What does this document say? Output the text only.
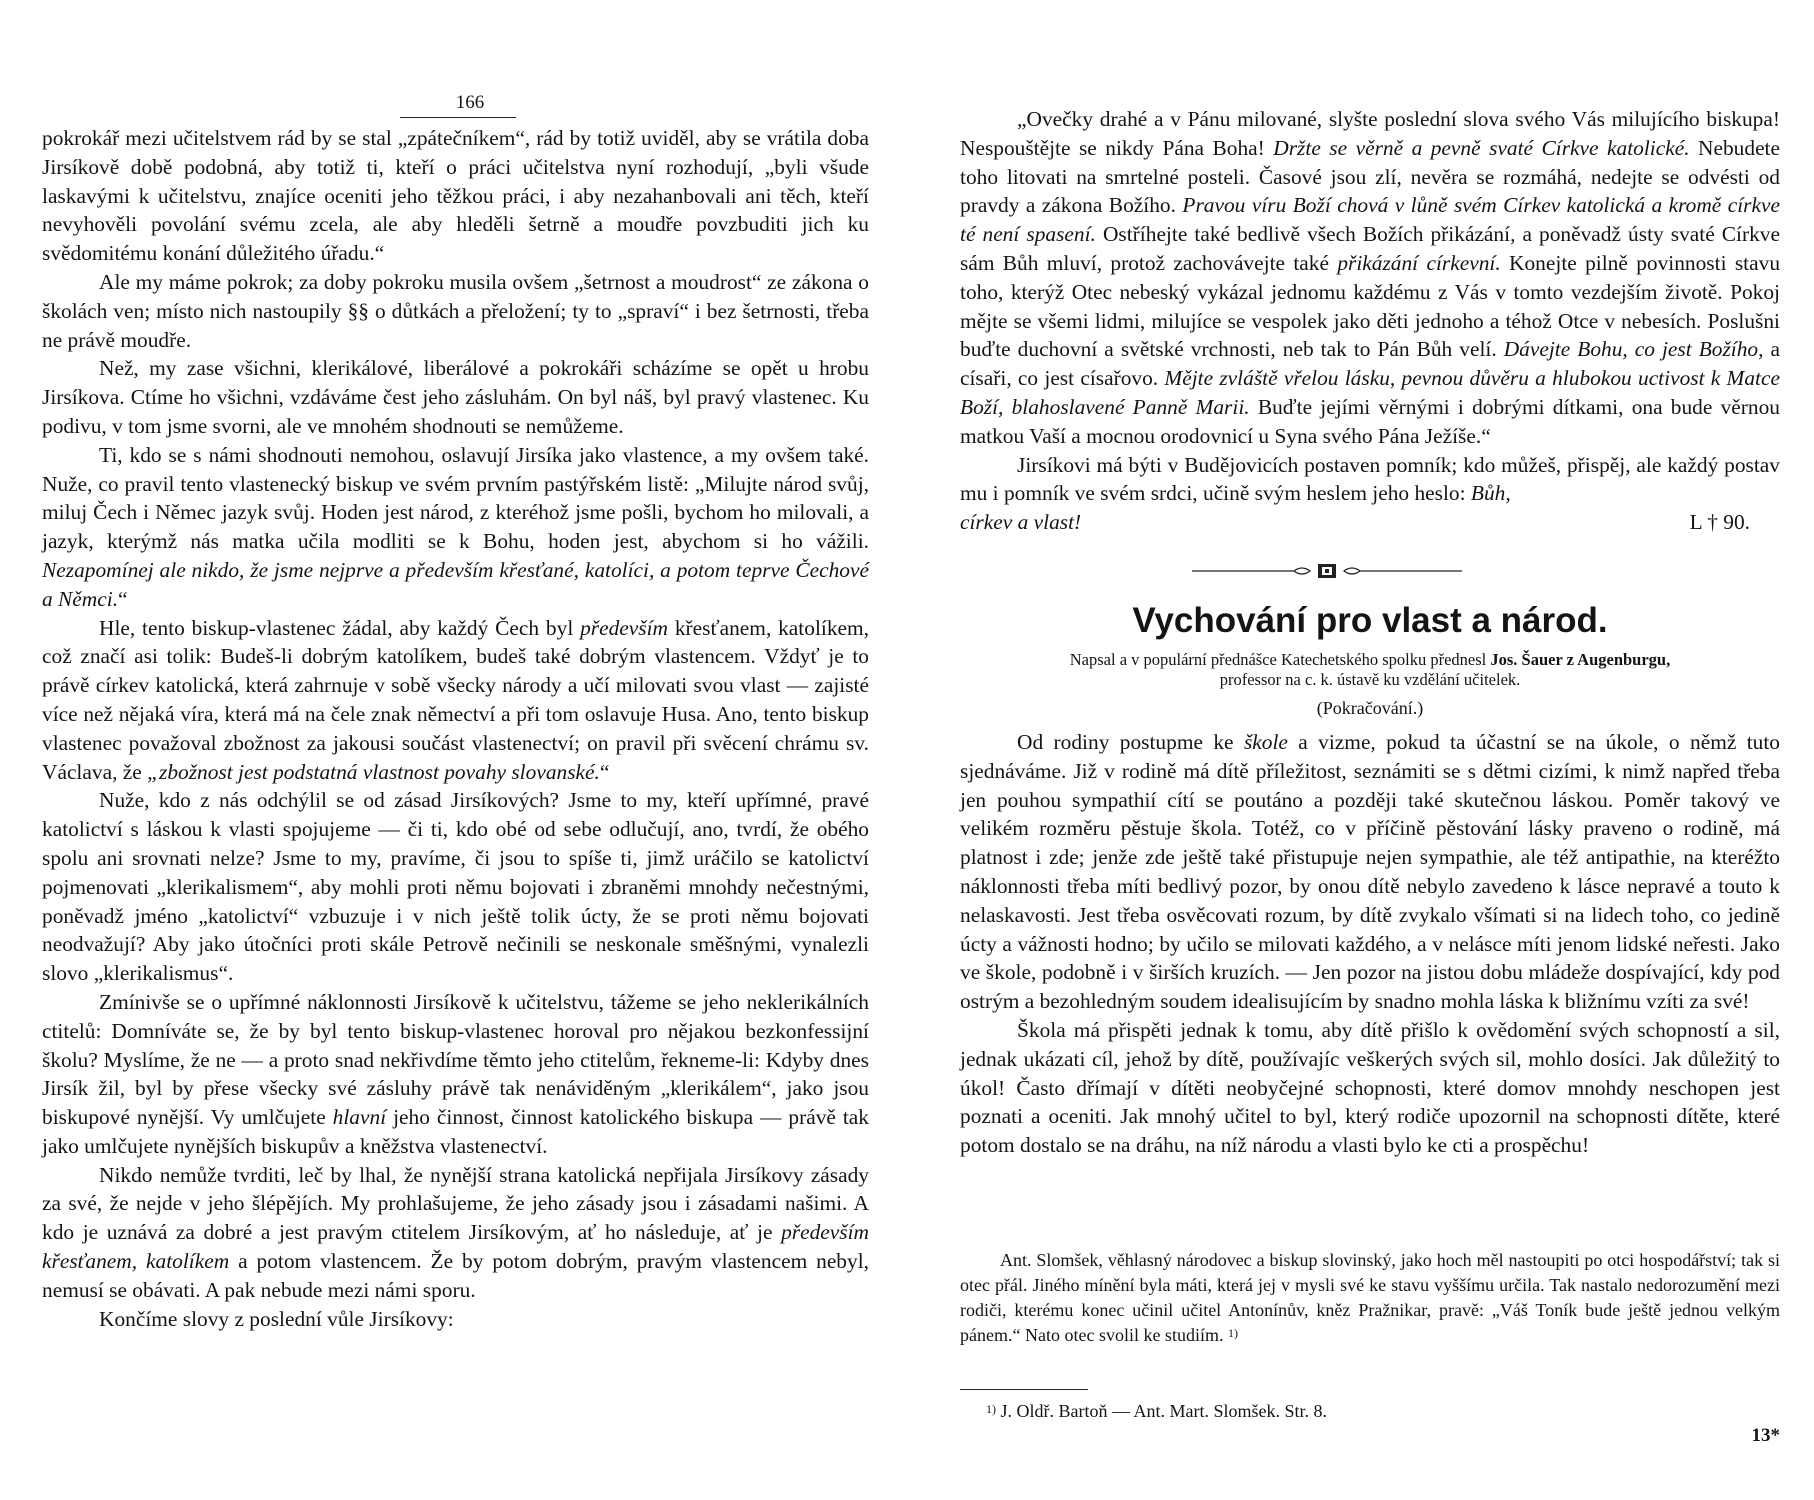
166

pokrokář mezi učitelstvem rád by se stal „zpátečníkem“, rád by totiž uviděl, aby se vrátila doba Jirsíkově době podobná, aby totiž ti, kteří o práci učitelstva nyní rozhodují, „byli všude laskavými k učitelstvu, znajíce oceniti jeho těžkou práci, i aby nezahanbovali ani těch, kteří nevyhověli povolání svému zcela, ale aby hleděli šetrně a moudře povzbuditi jich ku svědomitému konání důležitého úřadu.“

Ale my máme pokrok; za doby pokroku musila ovšem „šetrnost a moudrost“ ze zákona o školách ven; místo nich nastoupily §§ o důtkách a přeložení; ty to „spraví“ i bez šetrnosti, třeba ne právě moudře.

Než, my zase všichni, klerikálové, liberálové a pokrokáři scházíme se opět u hrobu Jirsíkova. Ctíme ho všichni, vzdáváme čest jeho zásluhám. On byl náš, byl pravý vlastenec. Ku podivu, v tom jsme svorni, ale ve mnohém shodnouti se nemůžeme.

Ti, kdo se s námi shodnouti nemohou, oslavují Jirsíka jako vlastence, a my ovšem také. Nuže, co pravil tento vlastenecký biskup ve svém prvním pastýřském listě: „Milujte národ svůj, miluj Čech i Němec jazyk svůj. Hoden jest národ, z kteréhož jsme pošli, bychom ho milovali, a jazyk, kterýmž nás matka učila modliti se k Bohu, hoden jest, abychom si ho vážili. Nezapomínej ale nikdo, že jsme nejprve a především křesťané, katolíci, a potom teprve Čechové a Němci.“

Hle, tento biskup-vlastenec žádal, aby každý Čech byl především křesťanem, katolíkem, což značí asi tolik: Budeš-li dobrým katolíkem, budeš také dobrým vlastencem. Vždyť je to právě církev katolická, která zahrnuje v sobě všecky národy a učí milovati svou vlast — zajisté více než nějaká víra, která má na čele znak němectví a při tom oslavuje Husa. Ano, tento biskup vlastenec považoval zbožnost za jakousi součást vlastenectví; on pravil při svěcení chrámu sv. Václava, že „zbožnost jest podstatná vlastnost povahy slovanské.“

Nuže, kdo z nás odchýlil se od zásad Jirsíkových? Jsme to my, kteří upřímné, pravé katolictví s láskou k vlasti spojujeme — či ti, kdo obé od sebe odlučují, ano, tvrdí, že obého spolu ani srovnati nelze? Jsme to my, pravíme, či jsou to spíše ti, jimž uráčilo se katolictví pojmenovati „klerikalismem“, aby mohli proti němu bojovati i zbraněmi mnohdy nečestnými, poněvadž jméno „katolictví“ vzbuzuje i v nich ještě tolik úcty, že se proti němu bojovati neodvažují? Aby jako útočníci proti skále Petrově nečinili se neskonale směšnými, vynalezli slovo „klerikalismus“.

Zmínivše se o upřímné náklonnosti Jirsíkově k učitelstvu, tážeme se jeho neklerikálních ctitelů: Domníváte se, že by byl tento biskup-vlastenec horoval pro nějakou bezkonfessijní školu? Myslíme, že ne — a proto snad nekřivdíme těmto jeho ctitelům, řekneme-li: Kdyby dnes Jirsík žil, byl by přese všecky své zásluhy právě tak nenáviděným „klerikálem“, jako jsou biskupové nynější. Vy umlčujete hlavní jeho činnost, činnost katolického biskupa — právě tak jako umlčujete nynějších biskupův a kněžstva vlastenectví.

Nikdo nemůže tvrditi, leč by lhal, že nynější strana katolická nepřijala Jirsíkovy zásady za své, že nejde v jeho šlépějích. My prohlašujeme, že jeho zásady jsou i zásadami našimi. A kdo je uznává za dobré a jest pravým ctitelem Jirsíkovým, ať ho následuje, ať je především křesťanem, katolíkem a potom vlastencem. Že by potom dobrým, pravým vlastencem nebyl, nemusí se obávati. A pak nebude mezi námi sporu.

Končíme slovy z poslední vůle Jirsíkovy:

„Ovečky drahé a v Pánu milované, slyšte poslední slova svého Vás milujícího biskupa! Nespouštějte se nikdy Pána Boha! Držte se věrně a pevně svaté Církve katolické. Nebudete toho litovati na smrtelné posteli. Časové jsou zlí, nevěra se rozmáhá, nedejte se odvésti od pravdy a zákona Božího. Pravou víru Boží chová v lůně svém Církev katolická a kromě církve té není spasení. Ostříhejte také bedlivě všech Božích přikázání, a poněvadž ústy svaté Církve sám Bůh mluví, protož zachovávejte také přikázání církevní. Konejte pilně povinnosti stavu toho, kterýž Otec nebeský vykázal jednomu každému z Vás v tomto vezdejším životě. Pokoj mějte se všemi lidmi, milujíce se vespolek jako děti jednoho a téhož Otce v nebesích. Poslušni buďte duchovní a světské vrchnosti, neb tak to Pán Bůh velí. Dávejte Bohu, co jest Božího, a císaři, co jest císařovo. Mějte zvláště vřelou lásku, pevnou důvěru a hlubokou uctivost k Matce Boží, blahoslavené Panně Marii. Buďte jejími věrnými i dobrými dítkami, ona bude věrnou matkou Vaší a mocnou orodovnicí u Syna svého Pána Ježíše.“

Jirsíkovi má býti v Budějovicích postaven pomník; kdo můžeš, přispěj, ale každý postav mu i pomník ve svém srdci, učině svým heslem jeho heslo: Bůh,

církev a vlast!	L † 90.
Vychování pro vlast a národ.
Napsal a v populární přednášce Katechetského spolku přednesl Jos. Šauer z Augenburgu,
professor na c. k. ústavě ku vzdělání učitelek.
(Pokračování.)

Od rodiny postupme ke škole a vizme, pokud ta účastní se na úkole, o němž tuto sjednáváme. Již v rodině má dítě příležitost, seznámiti se s dětmi cizími, k nimž napřed třeba jen pouhou sympathií cítí se poutáno a později také skutečnou láskou. Poměr takový ve velikém rozměru pěstuje škola. Totéž, co v příčině pěstování lásky praveno o rodině, má platnost i zde; jenže zde ještě také přistupuje nejen sympathie, ale též antipathie, na kteréžto náklonnosti třeba míti bedlivý pozor, by onou dítě nebylo zavedeno k lásce nepravé a touto k nelaskavosti. Jest třeba osvěcovati rozum, by dítě zvykalo všímati si na lidech toho, co jedině úcty a vážnosti hodno; by učilo se milovati každého, a v nelásce míti jenom lidské neřesti. Jako ve škole, podobně i v širších kruzích. — Jen pozor na jistou dobu mládeže dospívající, kdy pod ostrým a bezohledným soudem idealisujícím by snadno mohla láska k bližnímu vzíti za své!

Škola má přispěti jednak k tomu, aby dítě přišlo k ovědomění svých schopností a sil, jednak ukázati cíl, jehož by dítě, používajíc veškerých svých sil, mohlo dosíci. Jak důležitý to úkol! Často dřímají v dítěti neobyčejné schopnosti, které domov mnohdy neschopen jest poznati a oceniti. Jak mnohý učitel to byl, který rodiče upozornil na schopnosti dítěte, které potom dostalo se na dráhu, na níž národu a vlasti bylo ke cti a prospěchu!

Ant. Slomšek, věhlasný národovec a biskup slovinský, jako hoch měl nastoupiti po otci hospodářství; tak si otec přál. Jiného mínění byla máti, která jej v mysli své ke stavu vyššímu určila. Tak nastalo nedorozumění mezi rodiči, kterému konec učinil učitel Antonínův, kněz Pražnikar, pravě: „Váš Toník bude ještě jednou velkým pánem.“ Nato otec svolil ke studiím. $^{1)}$

$^{1)}$ J. Oldř. Bartoň — Ant. Mart. Slomšek. Str. 8.
13*
